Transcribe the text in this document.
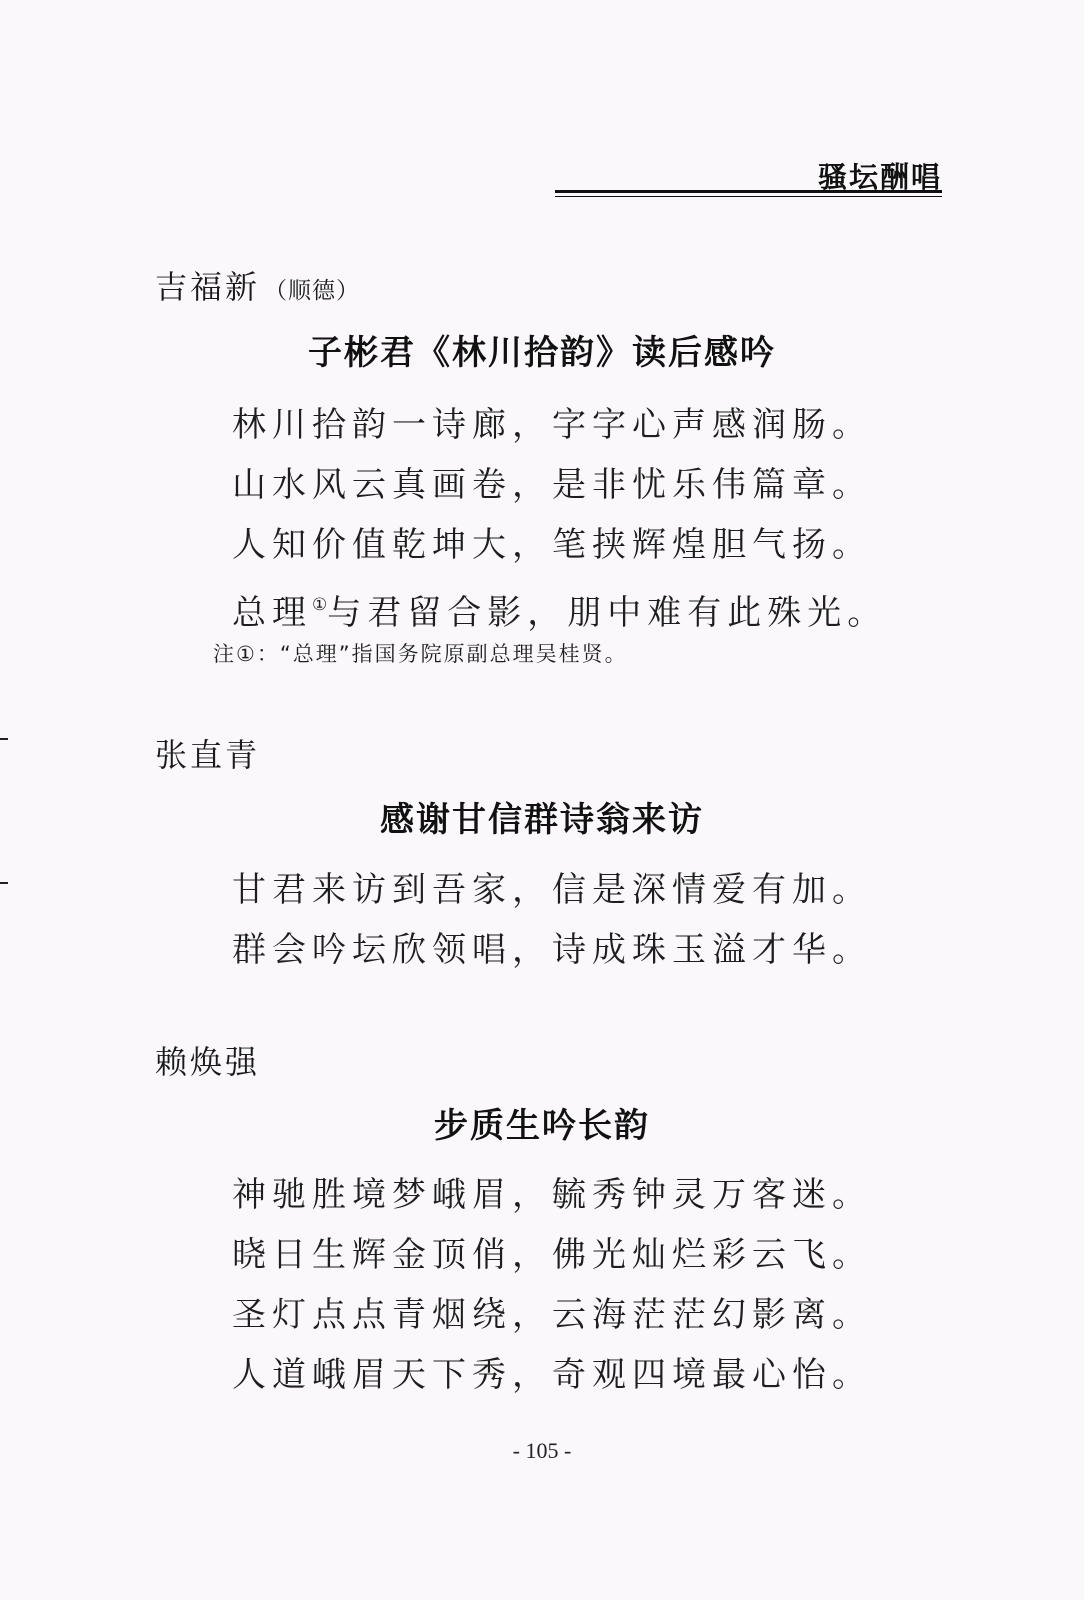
骚坛酬唱
吉福新 （顺德）
子彬君《林川拾韵》读后感吟
林川拾韵一诗廊，字字心声感润肠。
山水风云真画卷，是非忧乐伟篇章。
人知价值乾坤大，笔挟辉煌胆气扬。
总理①与君留合影，朋中难有此殊光。
注①：“总理”指国务院原副总理吴桂贤。
张直青
感谢甘信群诗翁来访
甘君来访到吾家，信是深情爱有加。
群会吟坛欣领唱，诗成珠玉溢才华。
赖焕强
步质生吟长韵
神驰胜境梦峨眉，毓秀钟灵万客迷。
晓日生辉金顶俏，佛光灿烂彩云飞。
圣灯点点青烟绕，云海茫茫幻影离。
人道峨眉天下秀，奇观四境最心怡。
- 105 -
